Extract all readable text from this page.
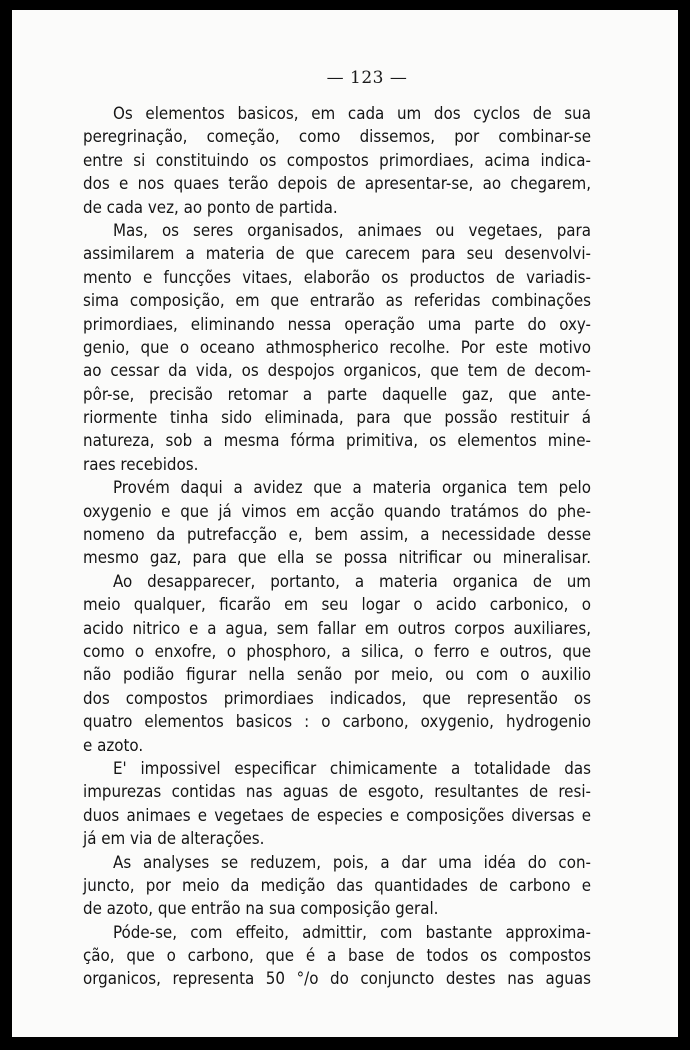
— 123 —
Os elementos basicos, em cada um dos cyclos de sua
peregrinação, começão, como dissemos, por combinar-se
entre si constituindo os compostos primordiaes, acima indica-
dos e nos quaes terão depois de apresentar-se, ao chegarem,
de cada vez, ao ponto de partida.
Mas, os seres organisados, animaes ou vegetaes, para
assimilarem a materia de que carecem para seu desenvolvi-
mento e funcções vitaes, elaborão os productos de variadis-
sima composição, em que entrarão as referidas combinações
primordiaes, eliminando nessa operação uma parte do oxy-
genio, que o oceano athmospherico recolhe. Por este motivo
ao cessar da vida, os despojos organicos, que tem de decom-
pôr-se, precisão retomar a parte daquelle gaz, que ante-
riormente tinha sido eliminada, para que possão restituir á
natureza, sob a mesma fórma primitiva, os elementos mine-
raes recebidos.
Provém daqui a avidez que a materia organica tem pelo
oxygenio e que já vimos em acção quando tratámos do phe-
nomeno da putrefacção e, bem assim, a necessidade desse
mesmo gaz, para que ella se possa nitrificar ou mineralisar.
Ao desapparecer, portanto, a materia organica de um
meio qualquer, ficarão em seu logar o acido carbonico, o
acido nitrico e a agua, sem fallar em outros corpos auxiliares,
como o enxofre, o phosphoro, a silica, o ferro e outros, que
não podião figurar nella senão por meio, ou com o auxilio
dos compostos primordiaes indicados, que representão os
quatro elementos basicos : o carbono, oxygenio, hydrogenio
e azoto.
E' impossivel especificar chimicamente a totalidade das
impurezas contidas nas aguas de esgoto, resultantes de resi-
duos animaes e vegetaes de especies e composições diversas e
já em via de alterações.
As analyses se reduzem, pois, a dar uma idéa do con-
juncto, por meio da medição das quantidades de carbono e
de azoto, que entrão na sua composição geral.
Póde-se, com effeito, admittir, com bastante approxima-
ção, que o carbono, que é a base de todos os compostos
organicos, representa 50 °/o do conjuncto destes nas aguas
